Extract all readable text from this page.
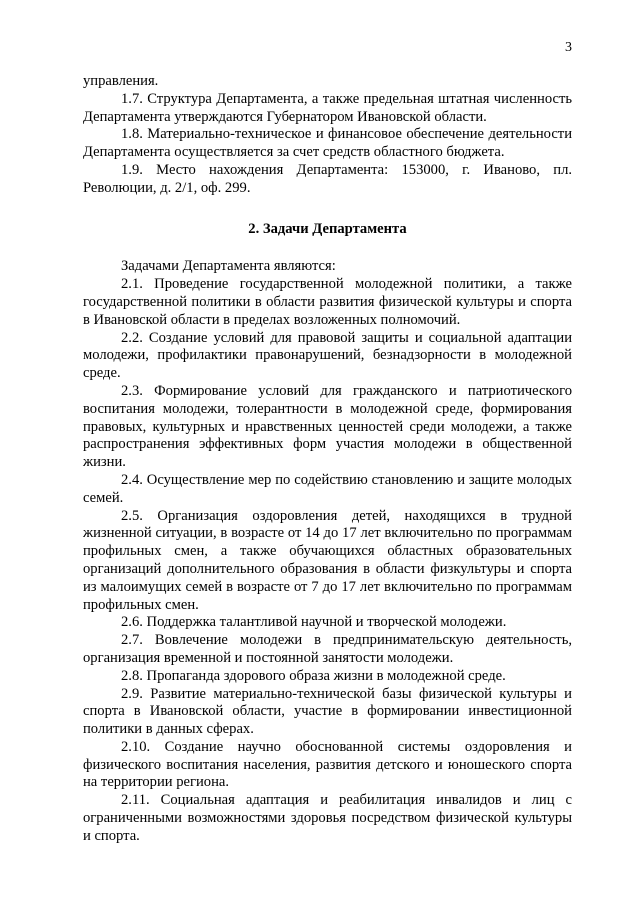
3

управления.

1.7. Структура Департамента, а также предельная штатная численность Департамента утверждаются Губернатором Ивановской области.

1.8. Материально-техническое и финансовое обеспечение деятельности Департамента осуществляется за счет средств областного бюджета.

1.9. Место нахождения Департамента: 153000, г. Иваново, пл. Революции, д. 2/1, оф. 299.

2. Задачи Департамента

Задачами Департамента являются:

2.1. Проведение государственной молодежной политики, а также государственной политики в области развития физической культуры и спорта в Ивановской области в пределах возложенных полномочий.

2.2. Создание условий для правовой защиты и социальной адаптации молодежи, профилактики правонарушений, безнадзорности в молодежной среде.

2.3. Формирование условий для гражданского и патриотического воспитания молодежи, толерантности в молодежной среде, формирования правовых, культурных и нравственных ценностей среди молодежи, а также распространения эффективных форм участия молодежи в общественной жизни.

2.4. Осуществление мер по содействию становлению и защите молодых семей.

2.5. Организация оздоровления детей, находящихся в трудной жизненной ситуации, в возрасте от 14 до 17 лет включительно по программам профильных смен, а также обучающихся областных образовательных организаций дополнительного образования в области физкультуры и спорта из малоимущих семей в возрасте от 7 до 17 лет включительно по программам профильных смен.

2.6. Поддержка талантливой научной и творческой молодежи.

2.7. Вовлечение молодежи в предпринимательскую деятельность, организация временной и постоянной занятости молодежи.

2.8. Пропаганда здорового образа жизни в молодежной среде.

2.9. Развитие материально-технической базы физической культуры и спорта в Ивановской области, участие в формировании инвестиционной политики в данных сферах.

2.10. Создание научно обоснованной системы оздоровления и физического воспитания населения, развития детского и юношеского спорта на территории региона.

2.11. Социальная адаптация и реабилитация инвалидов и лиц с ограниченными возможностями здоровья посредством физической культуры и спорта.
